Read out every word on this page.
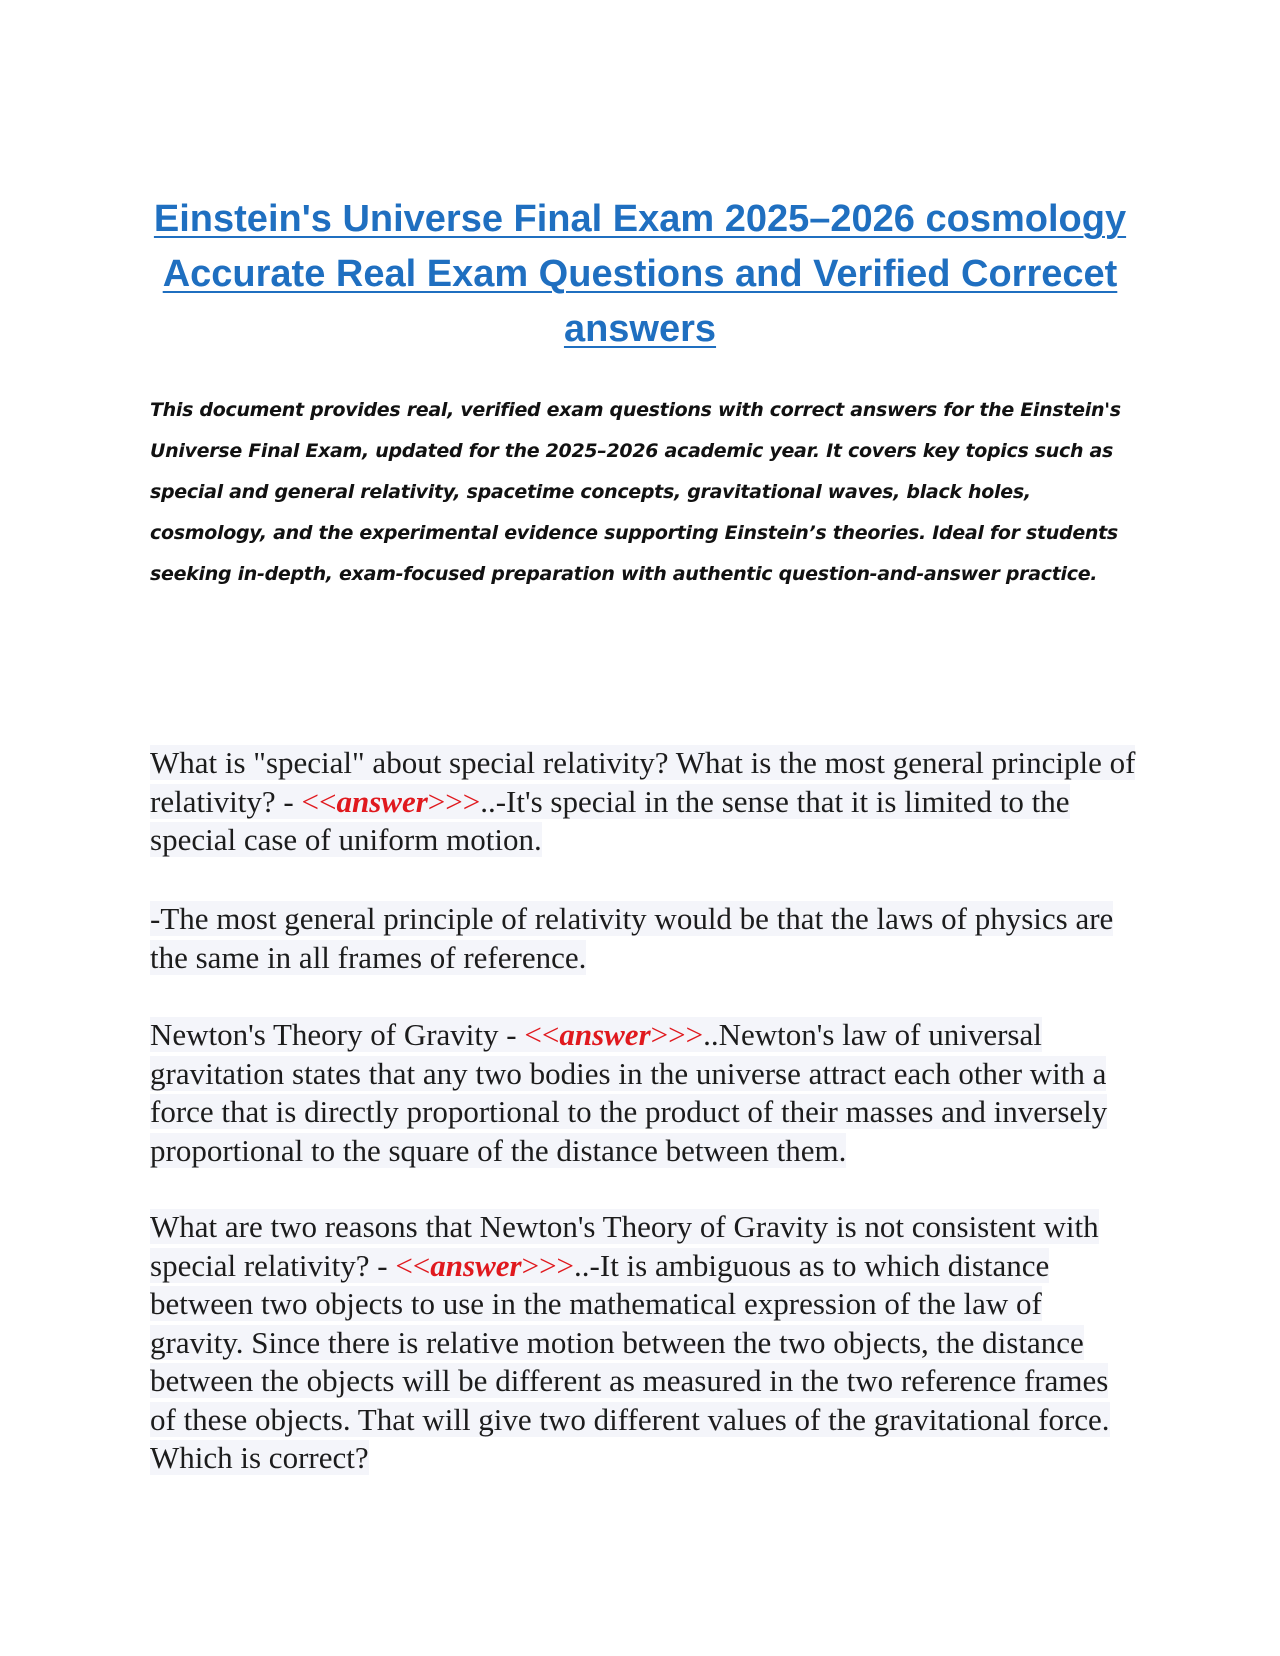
Einstein's Universe Final Exam 2025–2026 cosmology Accurate Real Exam Questions and Verified Correcet answers

This document provides real, verified exam questions with correct answers for the Einstein's Universe Final Exam, updated for the 2025–2026 academic year. It covers key topics such as special and general relativity, spacetime concepts, gravitational waves, black holes, cosmology, and the experimental evidence supporting Einstein’s theories. Ideal for students seeking in-depth, exam-focused preparation with authentic question-and-answer practice.

What is "special" about special relativity? What is the most general principle of relativity? - <<answer>>>..-It's special in the sense that it is limited to the special case of uniform motion.

-The most general principle of relativity would be that the laws of physics are the same in all frames of reference.

Newton's Theory of Gravity - <<answer>>>..Newton's law of universal gravitation states that any two bodies in the universe attract each other with a force that is directly proportional to the product of their masses and inversely proportional to the square of the distance between them.

What are two reasons that Newton's Theory of Gravity is not consistent with special relativity? - <<answer>>>..-It is ambiguous as to which distance between two objects to use in the mathematical expression of the law of gravity. Since there is relative motion between the two objects, the distance between the objects will be different as measured in the two reference frames of these objects. That will give two different values of the gravitational force. Which is correct?
